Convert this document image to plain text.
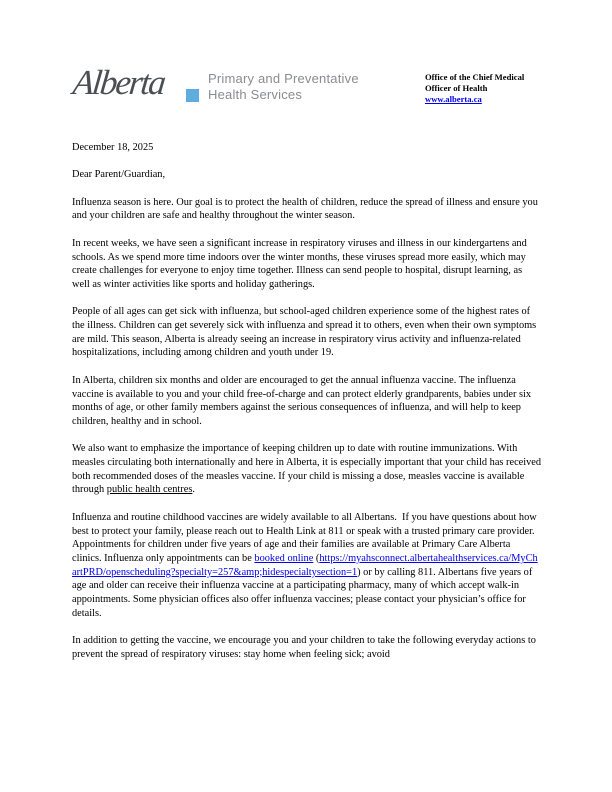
Alberta	Primary and Preventative
Health Services
Office of the Chief Medical
Officer of Health
www.alberta.ca

December 18, 2025

Dear Parent/Guardian,

Influenza season is here. Our goal is to protect the health of children, reduce the spread of illness and ensure you and your children are safe and healthy throughout the winter season.

In recent weeks, we have seen a significant increase in respiratory viruses and illness in our kindergartens and schools. As we spend more time indoors over the winter months, these viruses spread more easily, which may create challenges for everyone to enjoy time together. Illness can send people to hospital, disrupt learning, as well as winter activities like sports and holiday gatherings.

People of all ages can get sick with influenza, but school-aged children experience some of the highest rates of the illness. Children can get severely sick with influenza and spread it to others, even when their own symptoms are mild. This season, Alberta is already seeing an increase in respiratory virus activity and influenza-related hospitalizations, including among children and youth under 19.

In Alberta, children six months and older are encouraged to get the annual influenza vaccine. The influenza vaccine is available to you and your child free-of-charge and can protect elderly grandparents, babies under six months of age, or other family members against the serious consequences of influenza, and will help to keep children, healthy and in school.

We also want to emphasize the importance of keeping children up to date with routine immunizations. With measles circulating both internationally and here in Alberta, it is especially important that your child has received both recommended doses of the measles vaccine. If your child is missing a dose, measles vaccine is available through public health centres.

Influenza and routine childhood vaccines are widely available to all Albertans.  If you have questions about how best to protect your family, please reach out to Health Link at 811 or speak with a trusted primary care provider. Appointments for children under five years of age and their families are available at Primary Care Alberta clinics. Influenza only appointments can be booked online (https://myahsconnect.albertahealthservices.ca/MyChartPRD/openscheduling?specialty=257&amp;hidespecialtysection=1) or by calling 811. Albertans five years of age and older can receive their influenza vaccine at a participating pharmacy, many of which accept walk-in appointments. Some physician offices also offer influenza vaccines; please contact your physician’s office for details.

In addition to getting the vaccine, we encourage you and your children to take the following everyday actions to prevent the spread of respiratory viruses: stay home when feeling sick; avoid
